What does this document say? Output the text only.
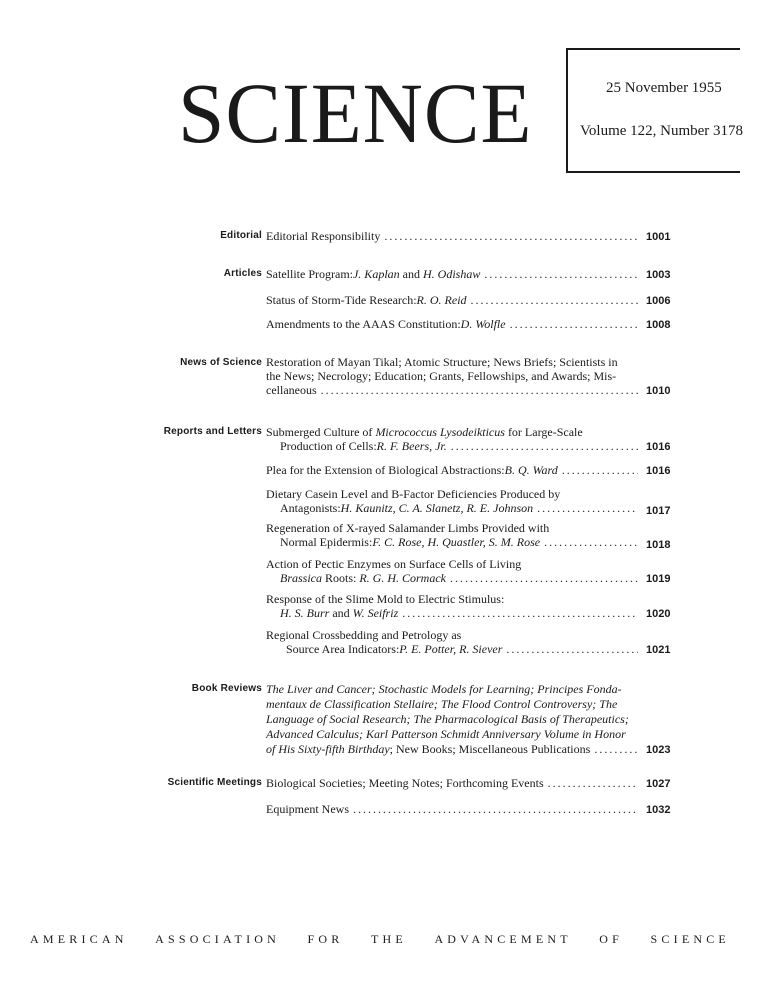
SCIENCE	25 November 1955
Volume 122, Number 3178
Editorial Editorial Responsibility .....	1001
Articles Satellite Program: J. Kaplan and H. Odishaw .....	1003
Status of Storm-Tide Research: R. O. Reid .....	1006
Amendments to the AAAS Constitution: D. Wolfle .....	1008
News of Science Restoration of Mayan Tikal; Atomic Structure; News Briefs; Scientists in
the News; Necrology; Education; Grants, Fellowships, and Awards; Mis-
cellaneous .....	1010
Reports and Letters Submerged Culture of Micrococcus Lysodeikticus for Large-Scale
Production of Cells: R. F. Beers, Jr. .....	1016
Plea for the Extension of Biological Abstractions: B. Q. Ward .....	1016
Dietary Casein Level and B-Factor Deficiencies Produced by
Antagonists: H. Kaunitz, C. A. Slanetz, R. E. Johnson .....	1017
Regeneration of X-rayed Salamander Limbs Provided with
Normal Epidermis: F. C. Rose, H. Quastler, S. M. Rose .....	1018
Action of Pectic Enzymes on Surface Cells of Living
Brassica Roots: R. G. H. Cormack .....	1019
Response of the Slime Mold to Electric Stimulus:
H. S. Burr and W. Seifriz .....	1020
Regional Crossbedding and Petrology as
Source Area Indicators: P. E. Potter, R. Siever .....	1021
Book Reviews The Liver and Cancer; Stochastic Models for Learning; Principes Fonda-
mentaux de Classification Stellaire; The Flood Control Controversy; The
Language of Social Research; The Pharmacological Basis of Therapeutics;
Advanced Calculus; Karl Patterson Schmidt Anniversary Volume in Honor
of His Sixty-fifth Birthday ; New Books; Miscellaneous Publications .....	1023
Scientific Meetings Biological Societies; Meeting Notes; Forthcoming Events .....	1027
Equipment News .....	1032
AMERICAN ASSOCIATION FOR THE ADVANCEMENT OF SCIENCE
